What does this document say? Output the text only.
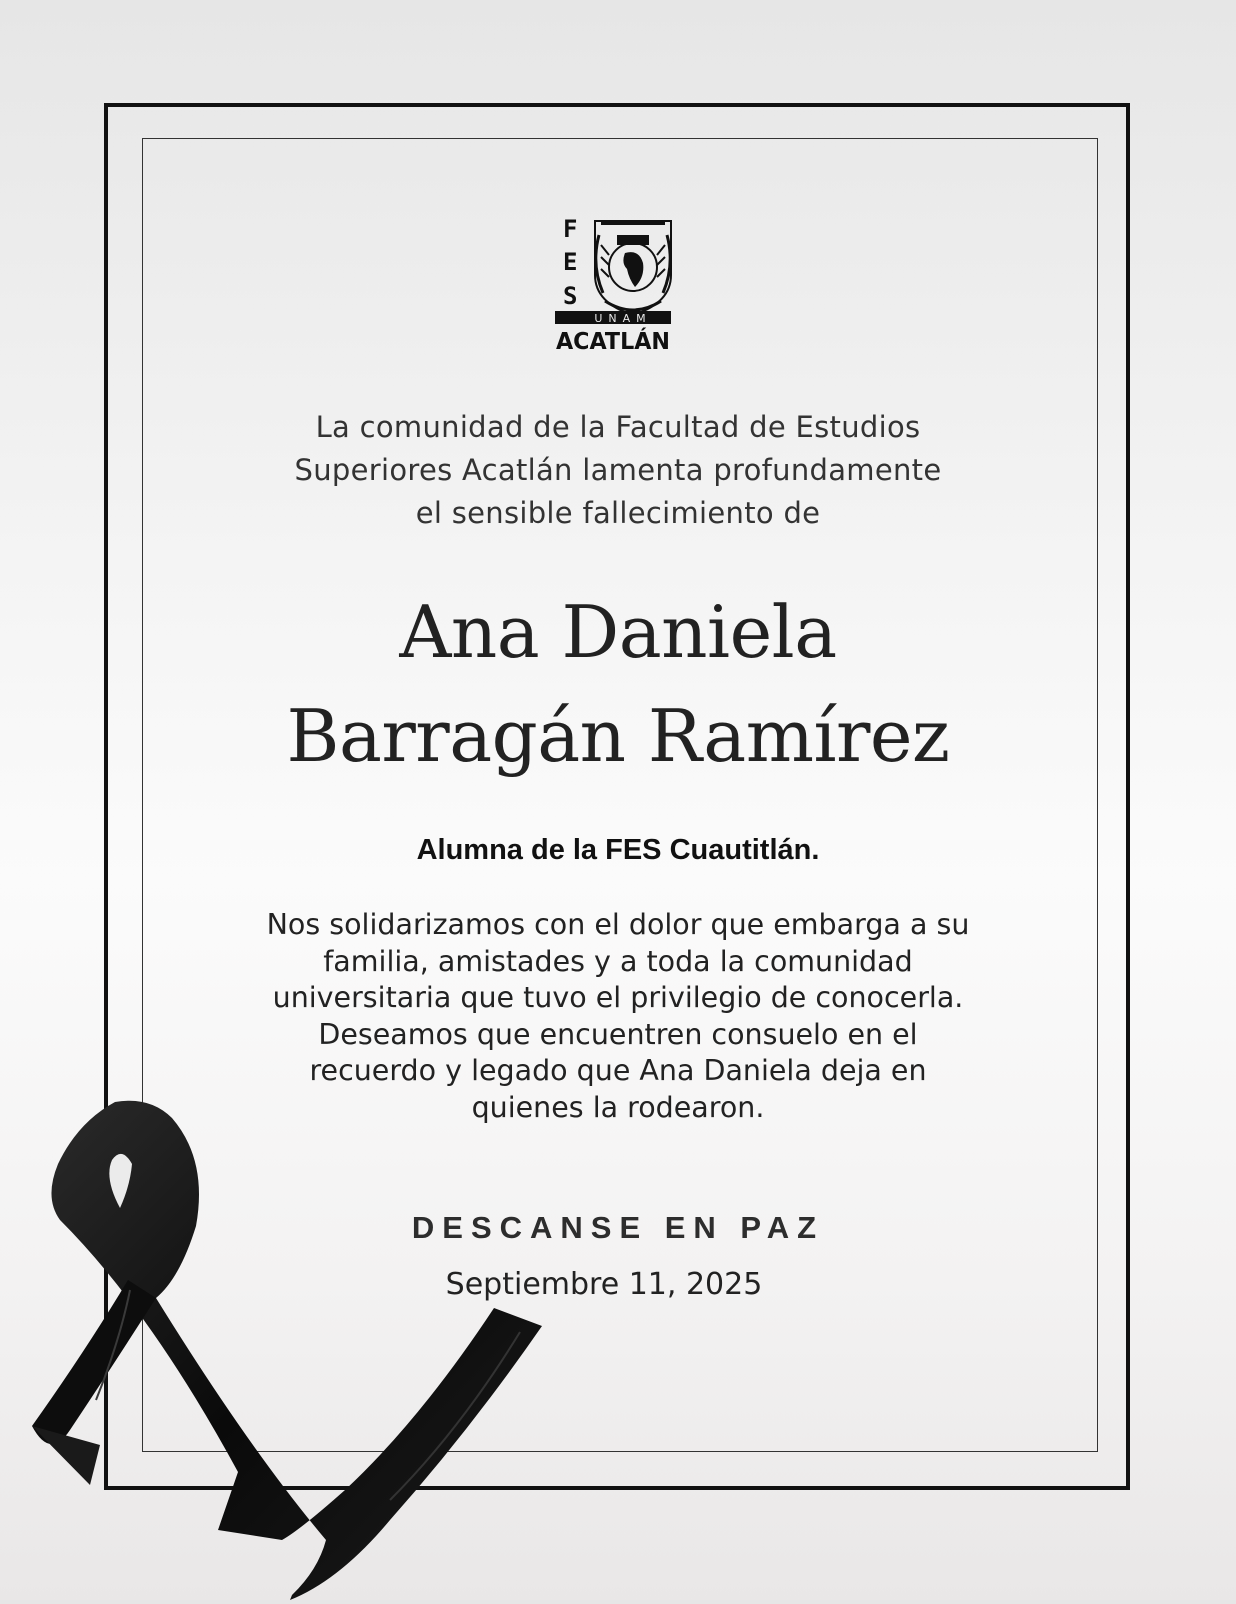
F
E
S
UNAM
ACATLÁN
La comunidad de la Facultad de Estudios
Superiores Acatlán lamenta profundamente
el sensible fallecimiento de
Ana Daniela
Barragán Ramírez
Alumna de la FES Cuautitlán.
Nos solidarizamos con el dolor que embarga a su
familia, amistades y a toda la comunidad
universitaria que tuvo el privilegio de conocerla.
Deseamos que encuentren consuelo en el
recuerdo y legado que Ana Daniela deja en
quienes la rodearon.
DESCANSE EN PAZ
Septiembre 11, 2025
